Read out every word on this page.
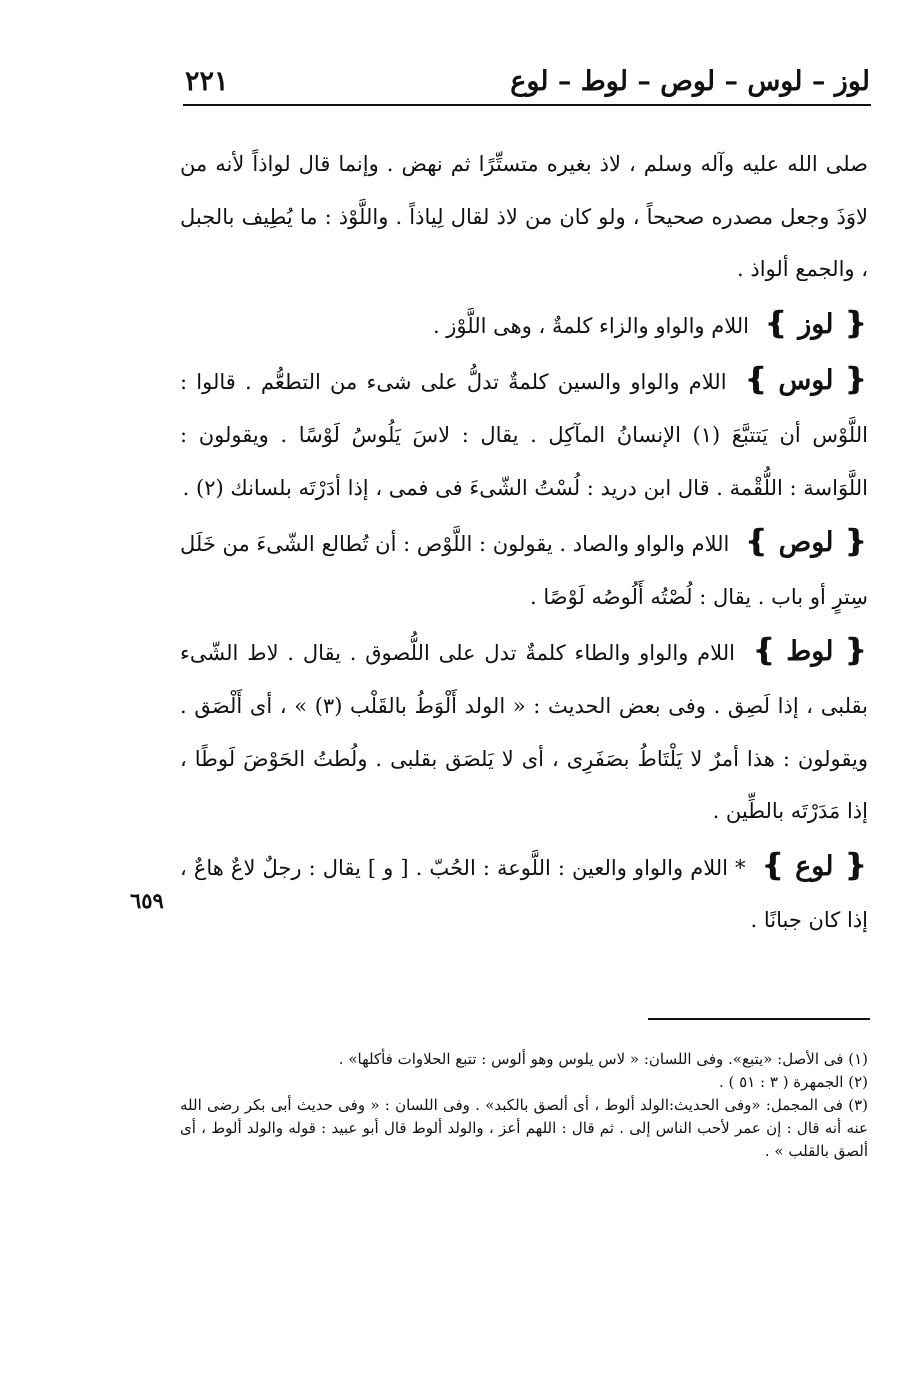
لوز – لوس – لوص – لوط – لوع
٢٢١

صلى الله عليه وآله وسلم ، لاذ بغيره متستِّرًا ثم نهض . وإنما قال لواذاً لأنه من لاوَذَ وجعل مصدره صحيحاً ، ولو كان من لاذ لقال لِياذاً . واللَّوْذ : ما يُطِيف بالجبل ، والجمع ألواذ .

❴ لوز ❵ اللام والواو والزاء كلمةٌ ، وهى اللَّوْز .

❴ لوس ❵ اللام والواو والسين كلمةٌ تدلُّ على شىء من التطعُّم . قالوا : اللَّوْس أن يَتتبَّعَ (١) الإنسانُ المآكِل . يقال : لاسَ يَلُوسُ لَوْسًا . ويقولون : اللَّوَاسة : اللُّقْمة . قال ابن دريد : لُسْتُ الشّىءَ فى فمى ، إذا أدَرْتَه بلسانك (٢) .

❴ لوص ❵ اللام والواو والصاد . يقولون : اللَّوْص : أن تُطالع الشّىءَ من خَلَل سِترٍ أو باب . يقال : لُصْتُه أَلُوصُه لَوْصًا .

❴ لوط ❵ اللام والواو والطاء كلمةٌ تدل على اللُّصوق . يقال . لاط الشّىء بقلبى ، إذا لَصِق . وفى بعض الحديث : « الولد أَلْوَطُ بالقَلْب (٣) » ، أى أَلْصَق . ويقولون : هذا أمرٌ لا يَلْتَاطُ بصَفَرِى ، أى لا يَلصَق بقلبى . ولُطتُ الحَوْضَ لَوطًا ، إذا مَدَرْتَه بالطِّين .

❴ لوع ❵ * اللام والواو والعين : اللَّوعة : الحُبّ . [ و ] يقال : رجلٌ لاعٌ هاعٌ ، إذا كان جبانًا .

٦٥٩

(١) فى الأصل: «يتبع». وفى اللسان: « لاس يلوس وهو ألوس : تتبع الحلاوات فأكلها» .

(٢) الجمهرة ( ٣ : ٥١ ) .

(٣) فى المجمل: «وفى الحديث:الولد ألوط ، أى ألصق بالكبد» . وفى اللسان : « وفى حديث أبى بكر رضى الله عنه أنه قال : إن عمر لأحب الناس إلى . ثم قال : اللهم أعز ، والولد ألوط قال أبو عبيد : قوله والولد ألوط ، أى ألصق بالقلب » .
